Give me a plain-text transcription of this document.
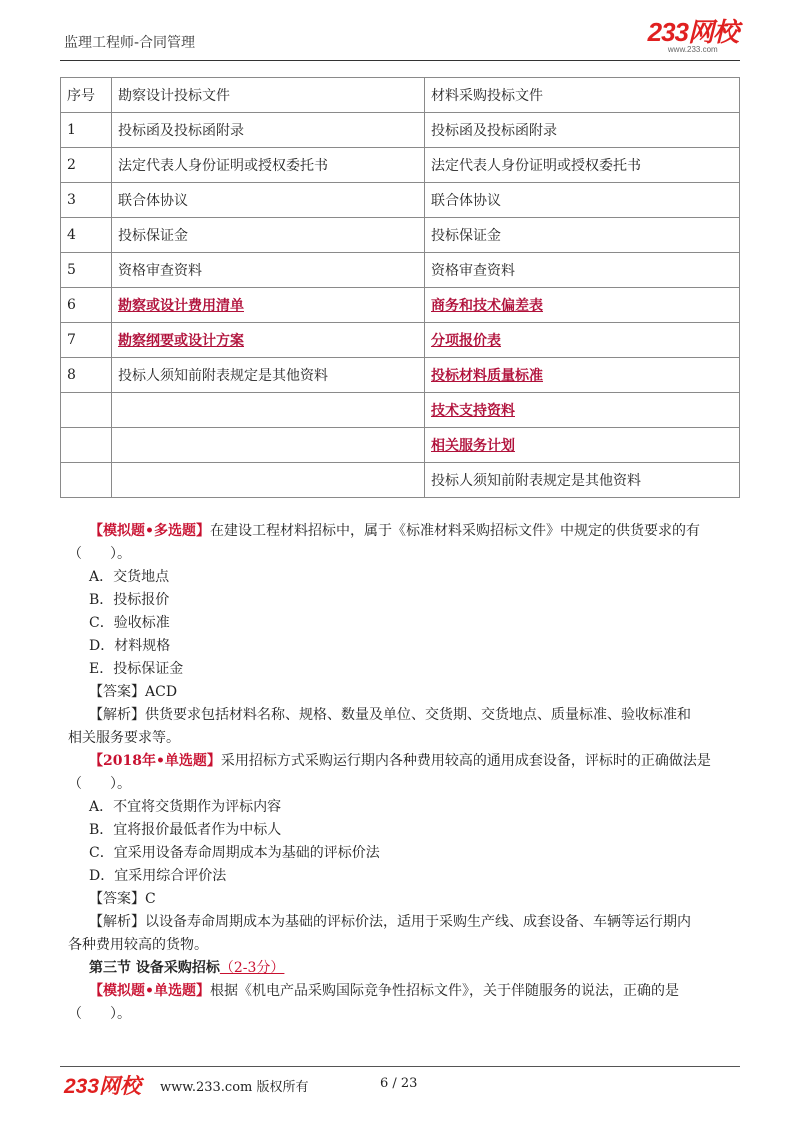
监理工程师-合同管理	233网校
www.233.com
序号	勘察设计投标文件	材料采购投标文件
1	投标函及投标函附录	投标函及投标函附录
2	法定代表人身份证明或授权委托书	法定代表人身份证明或授权委托书
3	联合体协议	联合体协议
4	投标保证金	投标保证金
5	资格审查资料	资格审查资料
6	勘察或设计费用清单	商务和技术偏差表
7	勘察纲要或设计方案	分项报价表
8	投标人须知前附表规定是其他资料	投标材料质量标准
		技术支持资料
		相关服务计划
		投标人须知前附表规定是其他资料

【模拟题•多选题】在建设工程材料招标中，属于《标准材料采购招标文件》中规定的供货要求的有

（　　）。

A．交货地点

B．投标报价

C．验收标准

D．材料规格

E．投标保证金

【答案】ACD

【解析】供货要求包括材料名称、规格、数量及单位、交货期、交货地点、质量标准、验收标准和

相关服务要求等。

【2018年•单选题】采用招标方式采购运行期内各种费用较高的通用成套设备，评标时的正确做法是

（　　）。

A．不宜将交货期作为评标内容

B．宜将报价最低者作为中标人

C．宜采用设备寿命周期成本为基础的评标价法

D．宜采用综合评价法

【答案】C

【解析】以设备寿命周期成本为基础的评标价法，适用于采购生产线、成套设备、车辆等运行期内

各种费用较高的货物。

第三节 设备采购招标（2-3分）

【模拟题•单选题】根据《机电产品采购国际竞争性招标文件》，关于伴随服务的说法，正确的是

（　　）。

233网校 www.233.com 版权所有	6 / 23
